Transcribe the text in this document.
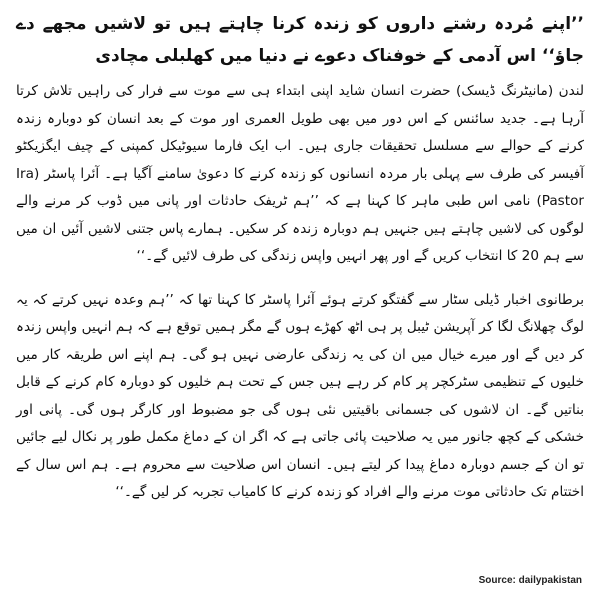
’’اپنے مُردہ رشتے داروں کو زندہ کرنا چاہتے ہیں تو لاشیں مجھے دے جاؤ‘‘ اس آدمی کے خوفناک دعوے نے دنیا میں کھلبلی مچادی

لندن (مانیٹرنگ ڈیسک) حضرت انسان شاید اپنی ابتداء ہی سے موت سے فرار کی راہیں تلاش کرتا آرہا ہے۔ جدید سائنس کے اس دور میں بھی طویل العمری اور موت کے بعد انسان کو دوبارہ زندہ کرنے کے حوالے سے مسلسل تحقیقات جاری ہیں۔ اب ایک فارما سیوٹیکل کمپنی کے چیف ایگزیکٹو آفیسر کی طرف سے پہلی بار مردہ انسانوں کو زندہ کرنے کا دعویٰ سامنے آگیا ہے۔ آئرا پاسٹر (Ira Pastor) نامی اس طبی ماہر کا کہنا ہے کہ ’’ہم ٹریفک حادثات اور پانی میں ڈوب کر مرنے والے لوگوں کی لاشیں چاہتے ہیں جنہیں ہم دوبارہ زندہ کر سکیں۔ ہمارے پاس جتنی لاشیں آئیں ان میں سے ہم 20 کا انتخاب کریں گے اور پھر انہیں واپس زندگی کی طرف لائیں گے۔‘‘

برطانوی اخبار ڈیلی سٹار سے گفتگو کرتے ہوئے آئرا پاسٹر کا کہنا تھا کہ ’’ہم وعدہ نہیں کرتے کہ یہ لوگ چھلانگ لگا کر آپریشن ٹیبل پر ہی اٹھ کھڑے ہوں گے مگر ہمیں توقع ہے کہ ہم انہیں واپس زندہ کر دیں گے اور میرے خیال میں ان کی یہ زندگی عارضی نہیں ہو گی۔ ہم اپنے اس طریقہ کار میں خلیوں کے تنظیمی سٹرکچر پر کام کر رہے ہیں جس کے تحت ہم خلیوں کو دوبارہ کام کرنے کے قابل بناتیں گے۔ ان لاشوں کی جسمانی باقیتیں نئی ہوں گی جو مضبوط اور کارگر ہوں گی۔ پانی اور خشکی کے کچھ جانور میں یہ صلاحیت پائی جاتی ہے کہ اگر ان کے دماغ مکمل طور پر نکال لیے جائیں تو ان کے جسم دوبارہ دماغ پیدا کر لیتے ہیں۔ انسان اس صلاحیت سے محروم ہے۔ ہم اس سال کے اختتام تک حادثاتی موت مرنے والے افراد کو زندہ کرنے کا کامیاب تجربہ کر لیں گے۔‘‘

Source: dailypakistan
